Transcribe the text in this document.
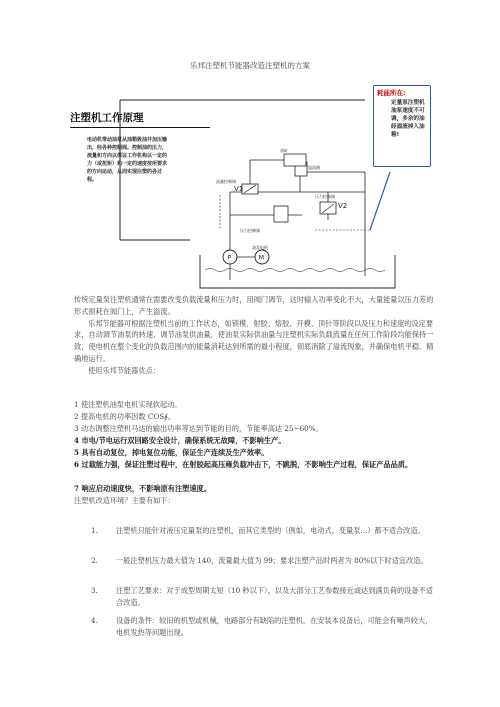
乐邦注塑机节能器改造注塑机的方案
P	M
流量控制阀
V1
V2
溢流阀
油缸
压力控制阀
压力控制阀
油泵电机
注塑机工作原理
电动机带动油泵从油箱吸油并加压输出，经各种控制阀。控制油的压力，流量和方向以保证工作机构以一定的力（或扭矩）和一定的速度按所要求的方向运动，从而实现注塑的各过程。
耗能所在:
定量泵注塑机油泵速度不可调，多余的油经溢流掉入油箱!

传统定量泵注塑机通常在需要改变负载流量和压力时，用阀门调节，这时输入功率变化不大，大量能量以压力差的形式损耗在阀门上，产生溢流。

乐邦节能器可根据注塑机当前的工作状态，如锁模、射胶、熔胶、开模、顶针等阶段以及压力和速度的设定要求，自动调节油泵的转速，调节油泵供油量，使油泵实际供油量与注塑机实际负载流量在任何工作阶段均能保持一致，使电机在整个变化的负载范围内的能量消耗达到所需的最小程度，彻底消除了溢流现象，并确保电机平稳、精确地运行。

使用乐邦节能器优点：

1 使注塑机油泵电机实现软起动。
2 提高电机的功率因数 COS∮。
3 动态调整注塑机马达的输出功率等达到节能的目的，节能率高达 25~60%。
4 市电/节电运行双回路安全设计，确保系统无故障，不影响生产。
5 具有自动复位，掉电复位功能，保证生产连续及生产效率。
6 过载能力强，保证注塑过程中，在射胶起高压雍负载冲击下，不跳脱，不影响生产过程，保证产品品质。
7 响应启动速度快，不影响原有注塑速度。
注塑机改造环境？主要有如下：
1.	注塑机只能针对液压定量泵的注塑机，而其它类型的（例如，电动式，变量泵...）都不适合改造。
2.	一般注塑机压力最大值为 140，流量最大值为 99；要求注塑产品时两者为 80%以下时适宜改造。
3.	注塑工艺要求：对于成型周期太短（10 秒以下），以及大部分工艺参数接近或达到满负荷的设备不适合改造。
4.	设备的条件：较旧的机型或机械，电路部分有缺陷的注塑机，在安装本设备后，可能会有噪声较大，电机发热等问题出现。
